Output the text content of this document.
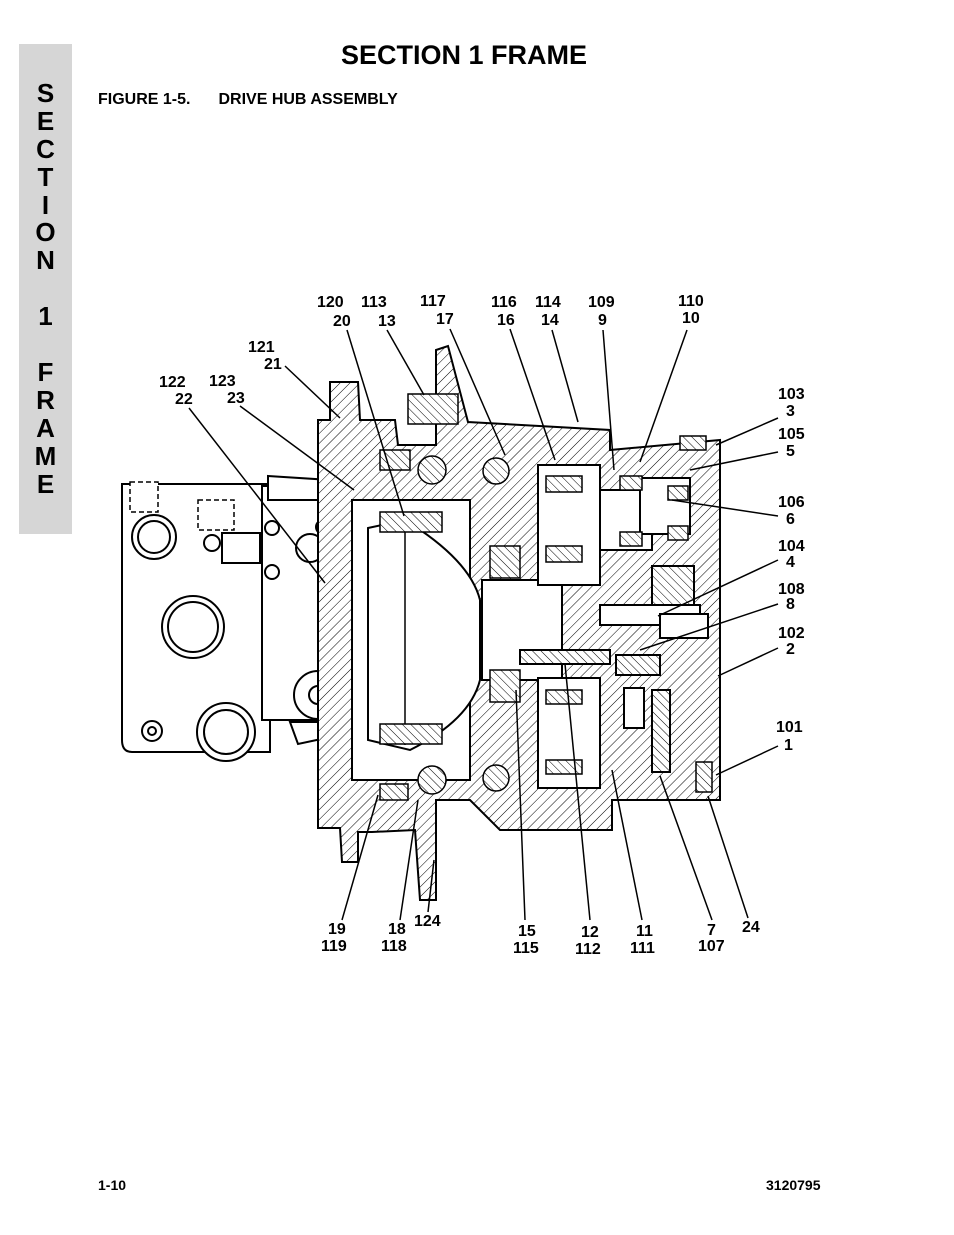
S
E
C
T
I
O
N
1
F
R
A
M
E
SECTION 1 FRAME
FIGURE 1-5. DRIVE HUB ASSEMBLY
120
20
113
13
117
17
116
16
114
14
109
9
110
10
121
21
122
22
123
23	103
3
105
5
106
6
104
4
108
8
102
2
101
1
19
119
18
118
124
15
115
12
112
11
111
7
107
24
1-10	3120795
